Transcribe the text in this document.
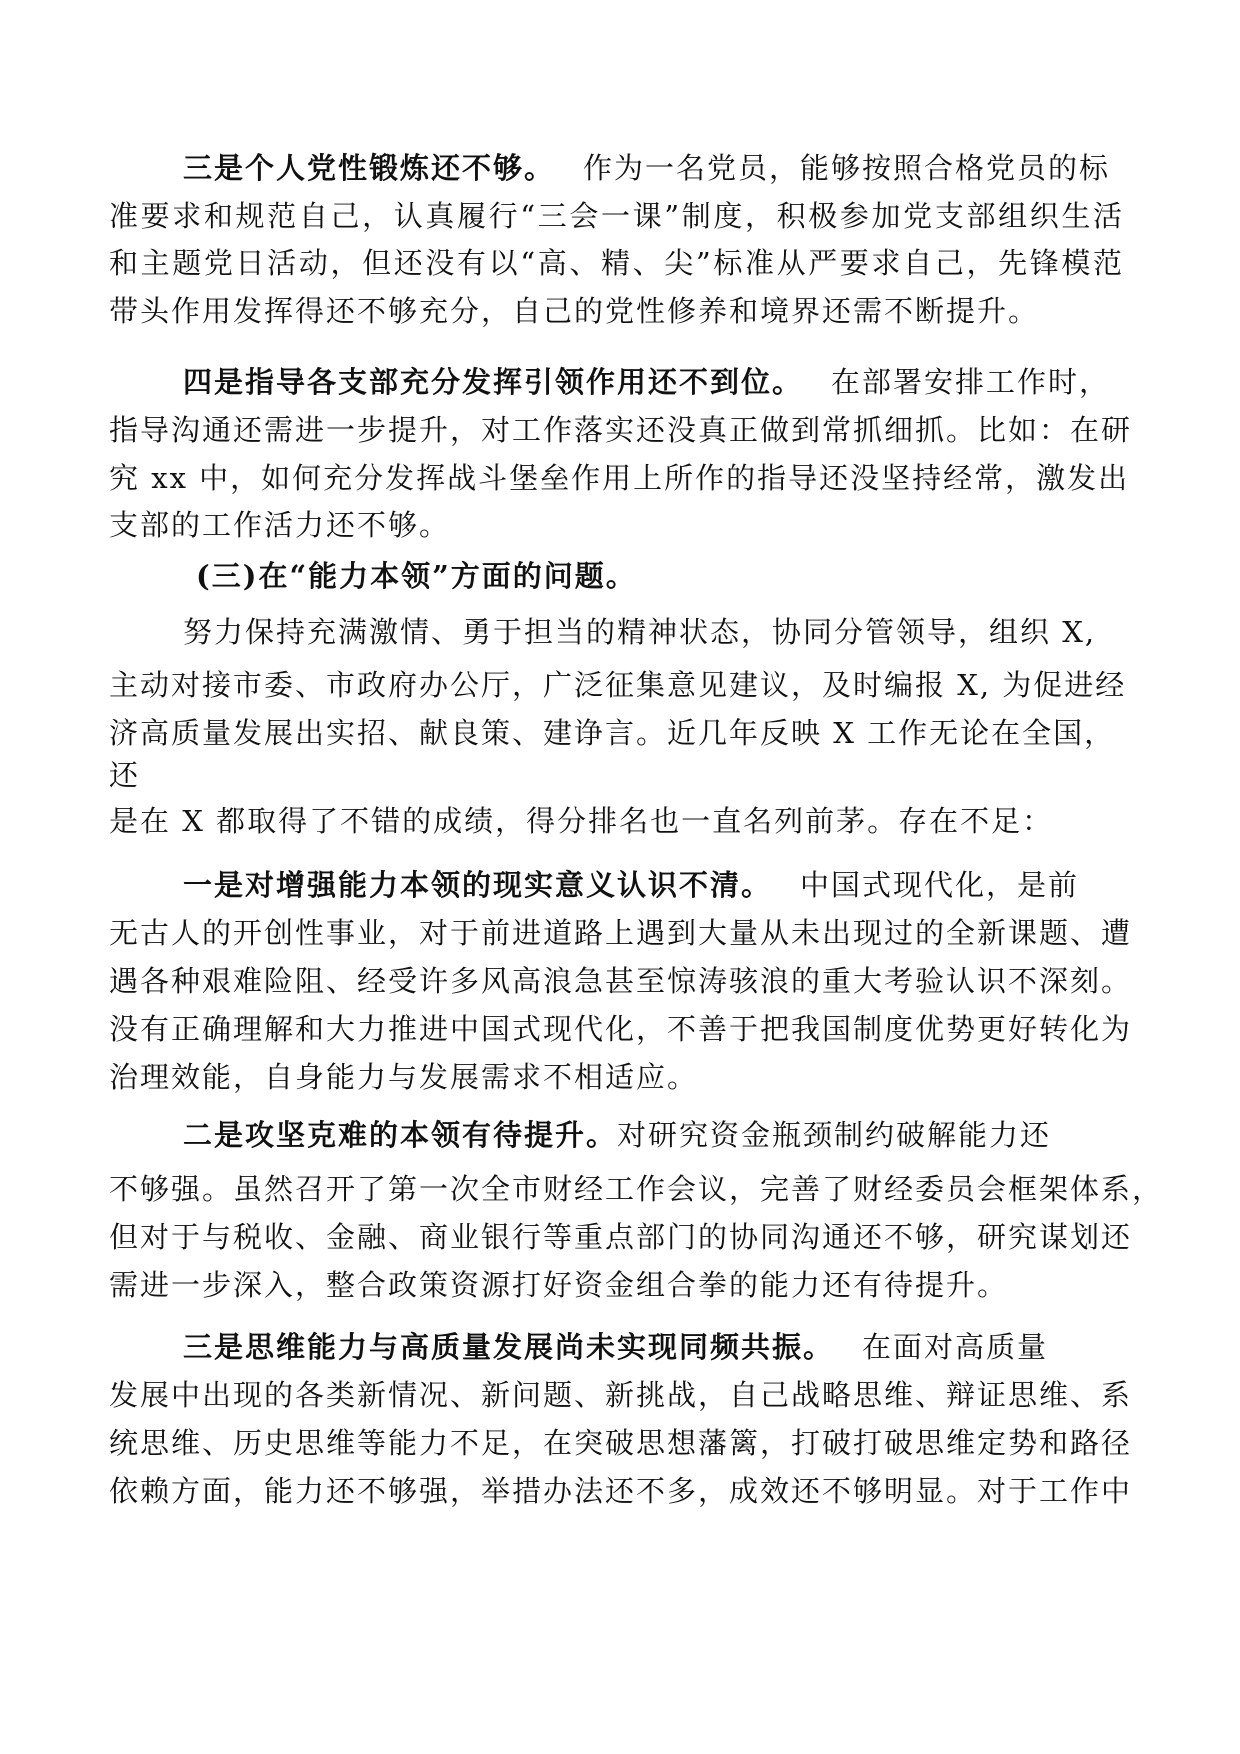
三是个人党性锻炼还不够。 作为一名党员，能够按照合格党员的标
准要求和规范自己，认真履行“三会一课”制度，积极参加党支部组织生活
和主题党日活动，但还没有以“高、精、尖”标准从严要求自己，先锋模范
带头作用发挥得还不够充分，自己的党性修养和境界还需不断提升。
四是指导各支部充分发挥引领作用还不到位。 在部署安排工作时，
指导沟通还需进一步提升，对工作落实还没真正做到常抓细抓。比如：在研
究 xx 中，如何充分发挥战斗堡垒作用上所作的指导还没坚持经常，激发出
支部的工作活力还不够。
(三)在“能力本领”方面的问题。
努力保持充满激情、勇于担当的精神状态，协同分管领导，组织 X,
主动对接市委、市政府办公厅，广泛征集意见建议，及时编报 X, 为促进经
济高质量发展出实招、献良策、建诤言。近几年反映 X 工作无论在全国，
还
是在 X 都取得了不错的成绩，得分排名也一直名列前茅。存在不足：
一是对增强能力本领的现实意义认识不清。 中国式现代化，是前
无古人的开创性事业，对于前进道路上遇到大量从未出现过的全新课题、遭
遇各种艰难险阻、经受许多风高浪急甚至惊涛骇浪的重大考验认识不深刻。
没有正确理解和大力推进中国式现代化，不善于把我国制度优势更好转化为
治理效能，自身能力与发展需求不相适应。
二是攻坚克难的本领有待提升。对研究资金瓶颈制约破解能力还
不够强。虽然召开了第一次全市财经工作会议，完善了财经委员会框架体系，
但对于与税收、金融、商业银行等重点部门的协同沟通还不够，研究谋划还
需进一步深入，整合政策资源打好资金组合拳的能力还有待提升。
三是思维能力与高质量发展尚未实现同频共振。 在面对高质量
发展中出现的各类新情况、新问题、新挑战，自己战略思维、辩证思维、系
统思维、历史思维等能力不足，在突破思想藩篱，打破打破思维定势和路径
依赖方面，能力还不够强，举措办法还不多，成效还不够明显。对于工作中
